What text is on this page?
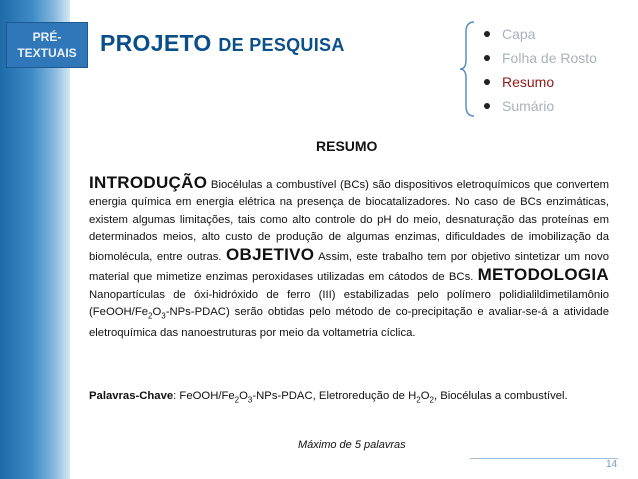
PRÉ-
TEXTUAIS	PROJETO DE PESQUISA
Capa
Folha de Rosto
Resumo
Sumário
RESUMO
INTRODUÇÃO Biocélulas a combustível (BCs) são dispositivos eletroquímicos que convertem energia química em energia elétrica na presença de biocatalizadores. No caso de BCs enzimáticas, existem algumas limitações, tais como alto controle do pH do meio, desnaturação das proteínas em determinados meios, alto custo de produção de algumas enzimas, dificuldades de imobilização da biomolécula, entre outras. OBJETIVO Assim, este trabalho tem por objetivo sintetizar um novo material que mimetize enzimas peroxidases utilizadas em cátodos de BCs. METODOLOGIA Nanopartículas de óxi-hidróxido de ferro (III) estabilizadas pelo polímero polidialildimetilamônio $(FeOOH/Fe_2O_3-NPs-PDAC)$ serão obtidas pelo método de co-precipitação e avaliar-se-á a atividade eletroquímica das nanoestruturas por meio da voltametria cíclica.
Palavras-Chave: FeOOH/$Fe_2O_3-NPs$-PDAC, Eletroredução de $H_2O_2$, Biocélulas a combustível.
Máximo de 5 palavras
14
